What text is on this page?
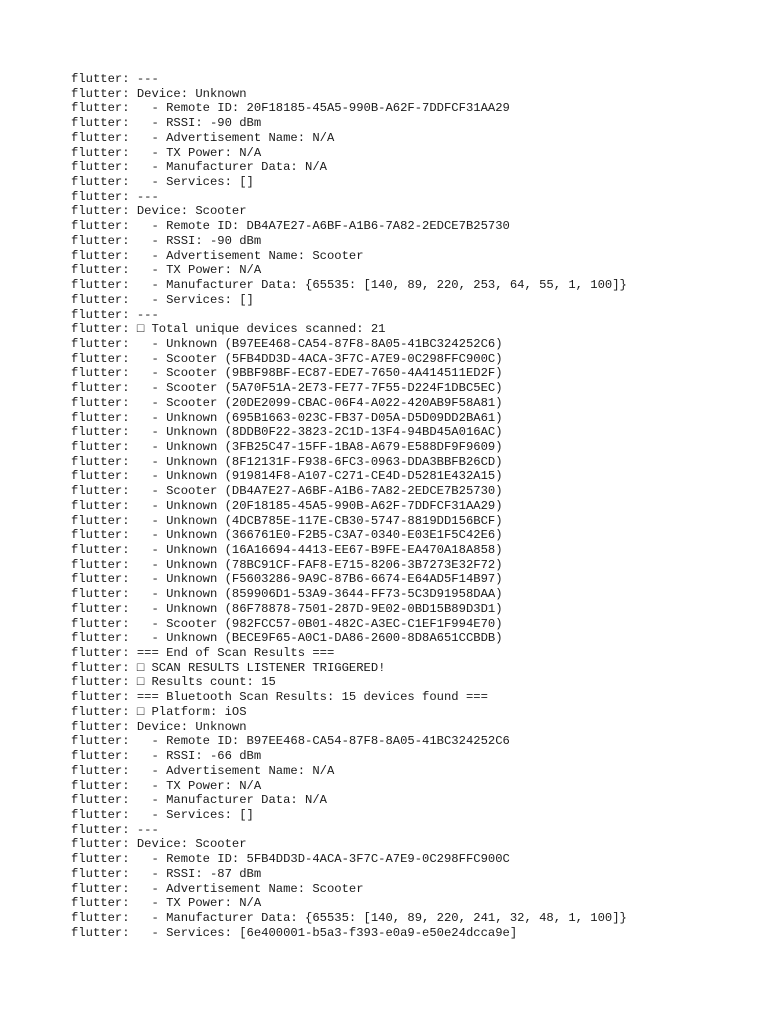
flutter: ---
flutter: Device: Unknown
flutter:   - Remote ID: 20F18185-45A5-990B-A62F-7DDFCF31AA29
flutter:   - RSSI: -90 dBm
flutter:   - Advertisement Name: N/A
flutter:   - TX Power: N/A
flutter:   - Manufacturer Data: N/A
flutter:   - Services: []
flutter: ---
flutter: Device: Scooter
flutter:   - Remote ID: DB4A7E27-A6BF-A1B6-7A82-2EDCE7B25730
flutter:   - RSSI: -90 dBm
flutter:   - Advertisement Name: Scooter
flutter:   - TX Power: N/A
flutter:   - Manufacturer Data: {65535: [140, 89, 220, 253, 64, 55, 1, 100]}
flutter:   - Services: []
flutter: ---
flutter: □ Total unique devices scanned: 21
flutter:   - Unknown (B97EE468-CA54-87F8-8A05-41BC324252C6)
flutter:   - Scooter (5FB4DD3D-4ACA-3F7C-A7E9-0C298FFC900C)
flutter:   - Scooter (9BBF98BF-EC87-EDE7-7650-4A414511ED2F)
flutter:   - Scooter (5A70F51A-2E73-FE77-7F55-D224F1DBC5EC)
flutter:   - Scooter (20DE2099-CBAC-06F4-A022-420AB9F58A81)
flutter:   - Unknown (695B1663-023C-FB37-D05A-D5D09DD2BA61)
flutter:   - Unknown (8DDB0F22-3823-2C1D-13F4-94BD45A016AC)
flutter:   - Unknown (3FB25C47-15FF-1BA8-A679-E588DF9F9609)
flutter:   - Unknown (8F12131F-F938-6FC3-0963-DDA3BBFB26CD)
flutter:   - Unknown (919814F8-A107-C271-CE4D-D5281E432A15)
flutter:   - Scooter (DB4A7E27-A6BF-A1B6-7A82-2EDCE7B25730)
flutter:   - Unknown (20F18185-45A5-990B-A62F-7DDFCF31AA29)
flutter:   - Unknown (4DCB785E-117E-CB30-5747-8819DD156BCF)
flutter:   - Unknown (366761E0-F2B5-C3A7-0340-E03E1F5C42E6)
flutter:   - Unknown (16A16694-4413-EE67-B9FE-EA470A18A858)
flutter:   - Unknown (78BC91CF-FAF8-E715-8206-3B7273E32F72)
flutter:   - Unknown (F5603286-9A9C-87B6-6674-E64AD5F14B97)
flutter:   - Unknown (859906D1-53A9-3644-FF73-5C3D91958DAA)
flutter:   - Unknown (86F78878-7501-287D-9E02-0BD15B89D3D1)
flutter:   - Scooter (982FCC57-0B01-482C-A3EC-C1EF1F994E70)
flutter:   - Unknown (BECE9F65-A0C1-DA86-2600-8D8A651CCBDB)
flutter: === End of Scan Results ===
flutter: □ SCAN RESULTS LISTENER TRIGGERED!
flutter: □ Results count: 15
flutter: === Bluetooth Scan Results: 15 devices found ===
flutter: □ Platform: iOS
flutter: Device: Unknown
flutter:   - Remote ID: B97EE468-CA54-87F8-8A05-41BC324252C6
flutter:   - RSSI: -66 dBm
flutter:   - Advertisement Name: N/A
flutter:   - TX Power: N/A
flutter:   - Manufacturer Data: N/A
flutter:   - Services: []
flutter: ---
flutter: Device: Scooter
flutter:   - Remote ID: 5FB4DD3D-4ACA-3F7C-A7E9-0C298FFC900C
flutter:   - RSSI: -87 dBm
flutter:   - Advertisement Name: Scooter
flutter:   - TX Power: N/A
flutter:   - Manufacturer Data: {65535: [140, 89, 220, 241, 32, 48, 1, 100]}
flutter:   - Services: [6e400001-b5a3-f393-e0a9-e50e24dcca9e]
